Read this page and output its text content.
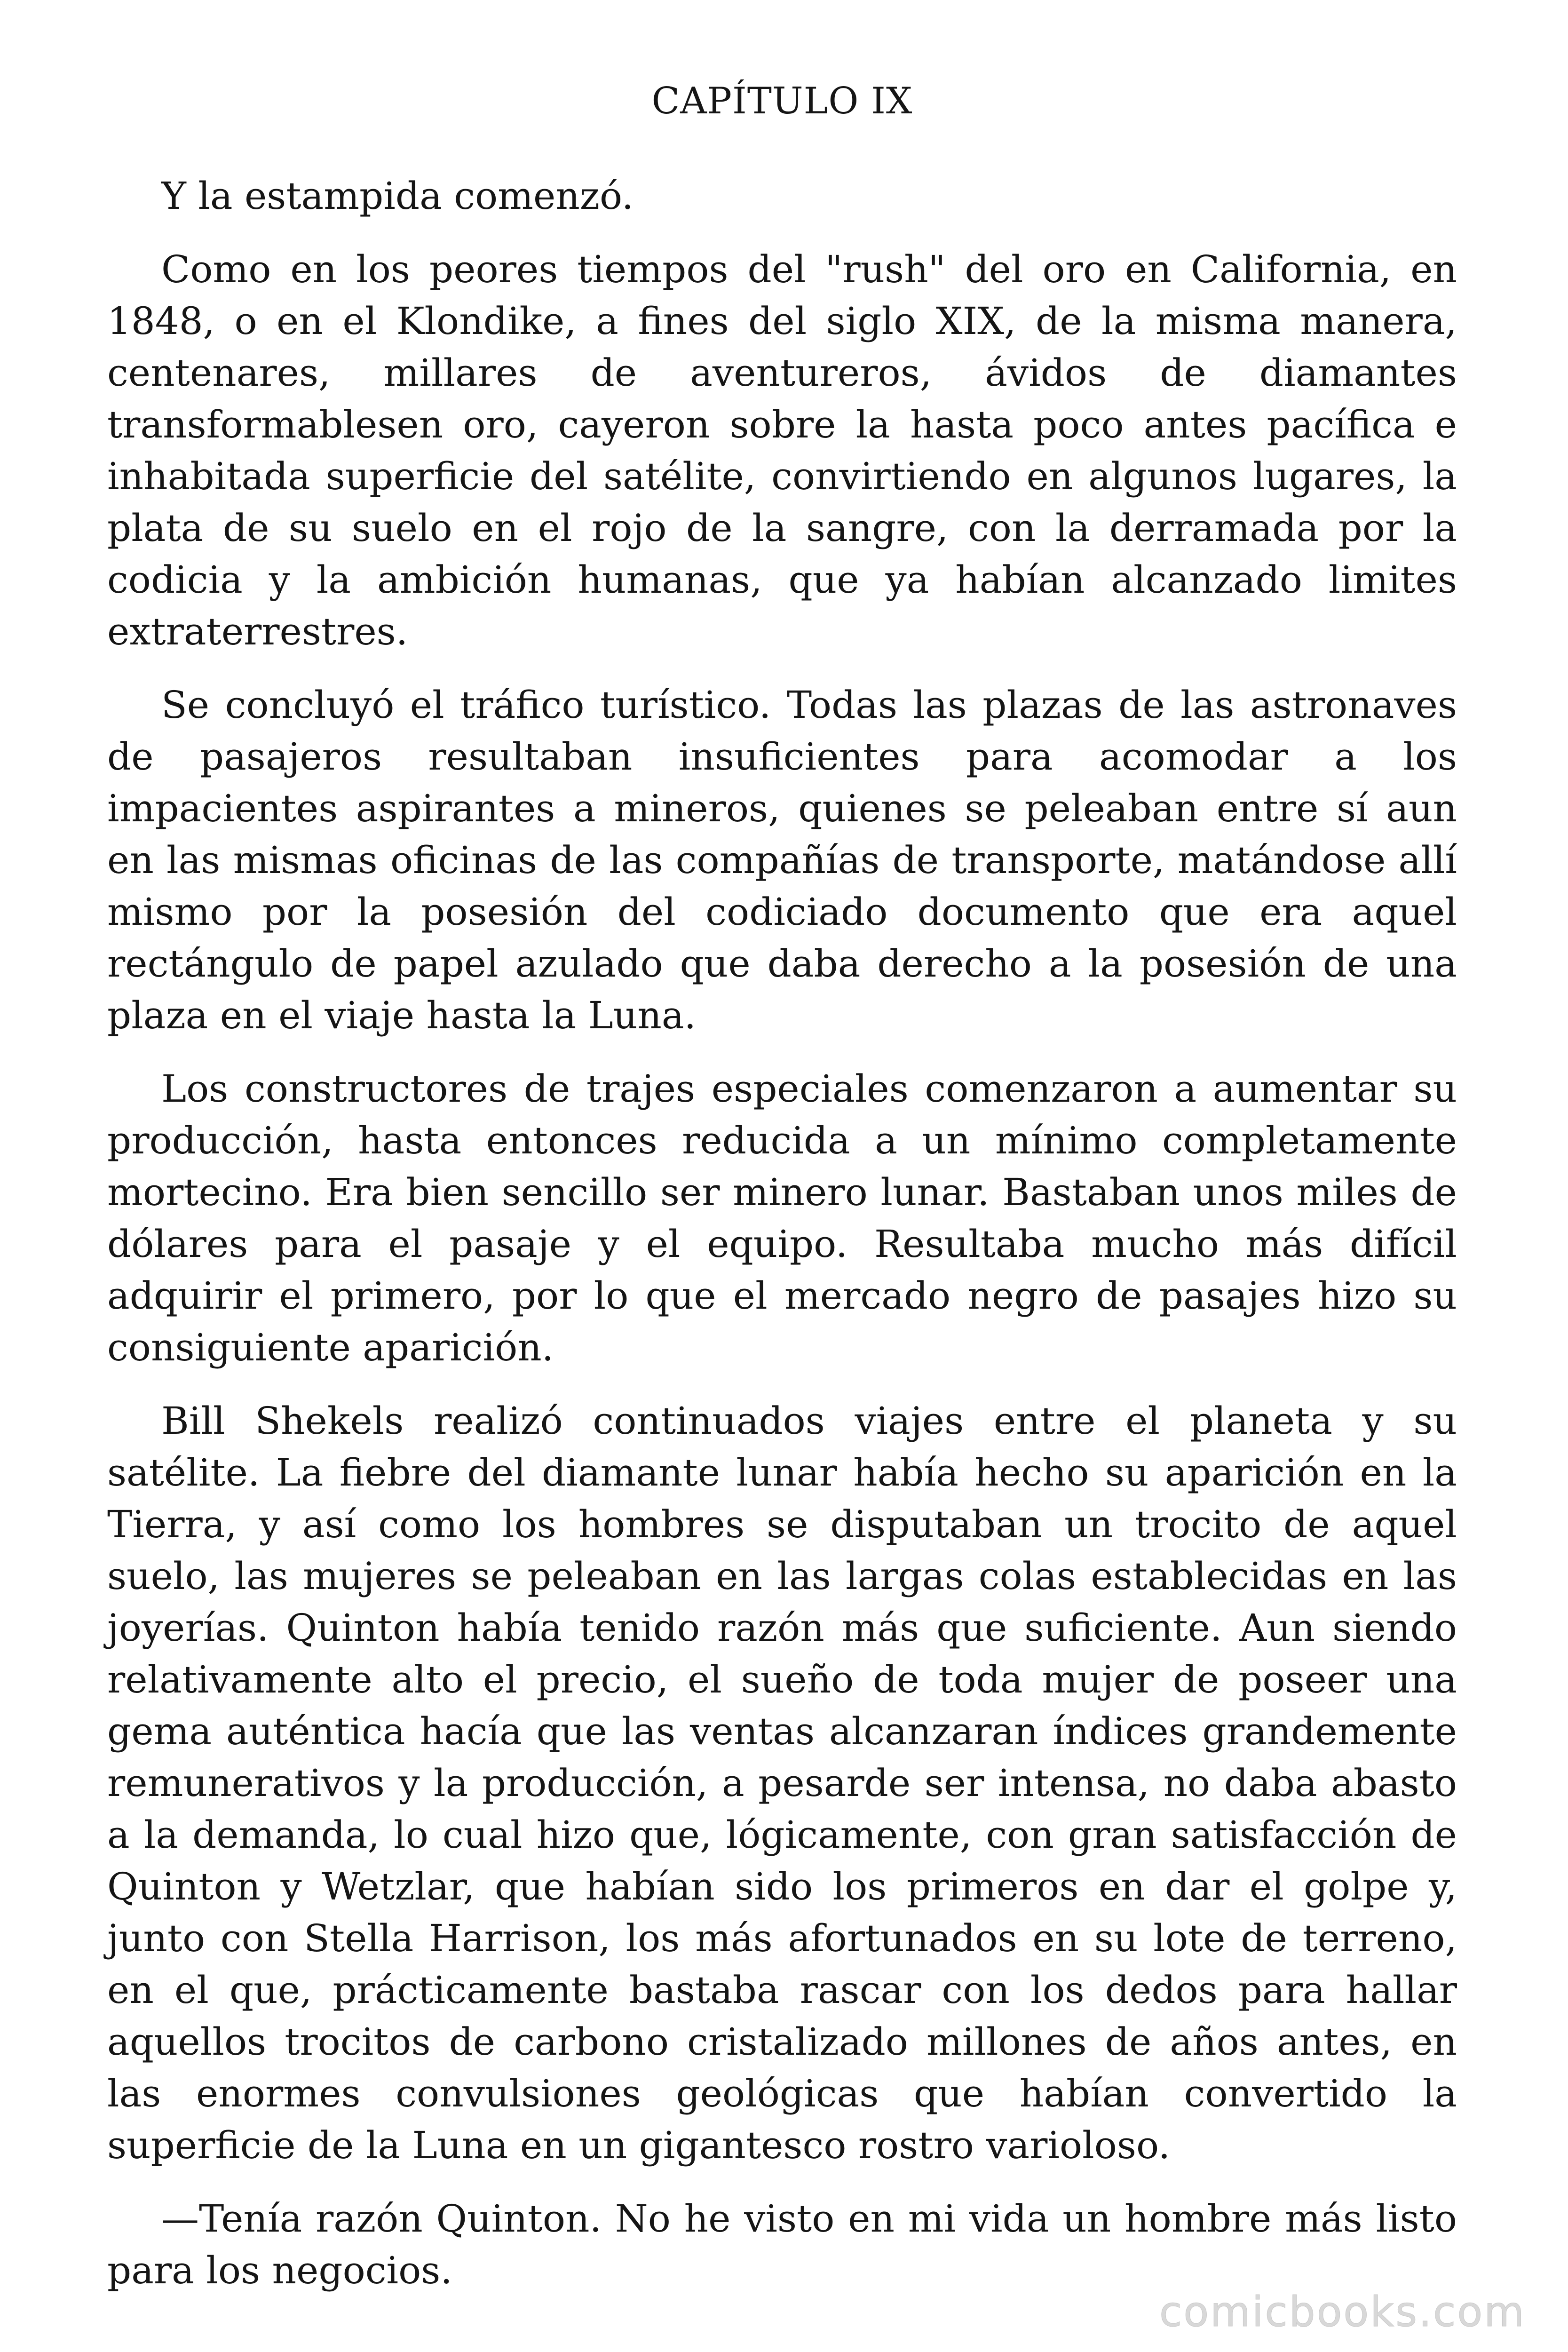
CAPÍTULO IX

Y la estampida comenzó.

Como en los peores tiempos del "rush" del oro en California, en 1848, o en el Klondike, a fines del siglo XIX, de la misma manera, centenares, millares de aventureros, ávidos de diamantes transformablesen oro, cayeron sobre la hasta poco antes pacífica e inhabitada superficie del satélite, convirtiendo en algunos lugares, la plata de su suelo en el rojo de la sangre, con la derramada por la codicia y la ambición humanas, que ya habían alcanzado limites extraterrestres.

Se concluyó el tráfico turístico. Todas las plazas de las astronaves de pasajeros resultaban insuficientes para acomodar a los impacientes aspirantes a mineros, quienes se peleaban entre sí aun en las mismas oficinas de las compañías de transporte, matándose allí mismo por la posesión del codiciado documento que era aquel rectángulo de papel azulado que daba derecho a la posesión de una plaza en el viaje hasta la Luna.

Los constructores de trajes especiales comenzaron a aumentar su producción, hasta entonces reducida a un mínimo completamente mortecino. Era bien sencillo ser minero lunar. Bastaban unos miles de dólares para el pasaje y el equipo. Resultaba mucho más difícil adquirir el primero, por lo que el mercado negro de pasajes hizo su consiguiente aparición.

Bill Shekels realizó continuados viajes entre el planeta y su satélite. La fiebre del diamante lunar había hecho su aparición en la Tierra, y así como los hombres se disputaban un trocito de aquel suelo, las mujeres se peleaban en las largas colas establecidas en las joyerías. Quinton había tenido razón más que suficiente. Aun siendo relativamente alto el precio, el sueño de toda mujer de poseer una gema auténtica hacía que las ventas alcanzaran índices grandemente remunerativos y la producción, a pesarde ser intensa, no daba abasto a la demanda, lo cual hizo que, lógicamente, con gran satisfacción de Quinton y Wetzlar, que habían sido los primeros en dar el golpe y, junto con Stella Harrison, los más afortunados en su lote de terreno, en el que, prácticamente bastaba rascar con los dedos para hallar aquellos trocitos de carbono cristalizado millones de años antes, en las enormes convulsiones geológicas que habían convertido la superficie de la Luna en un gigantesco rostro varioloso.

—Tenía razón Quinton. No he visto en mi vida un hombre más listo para los negocios.

comicbooks.com
